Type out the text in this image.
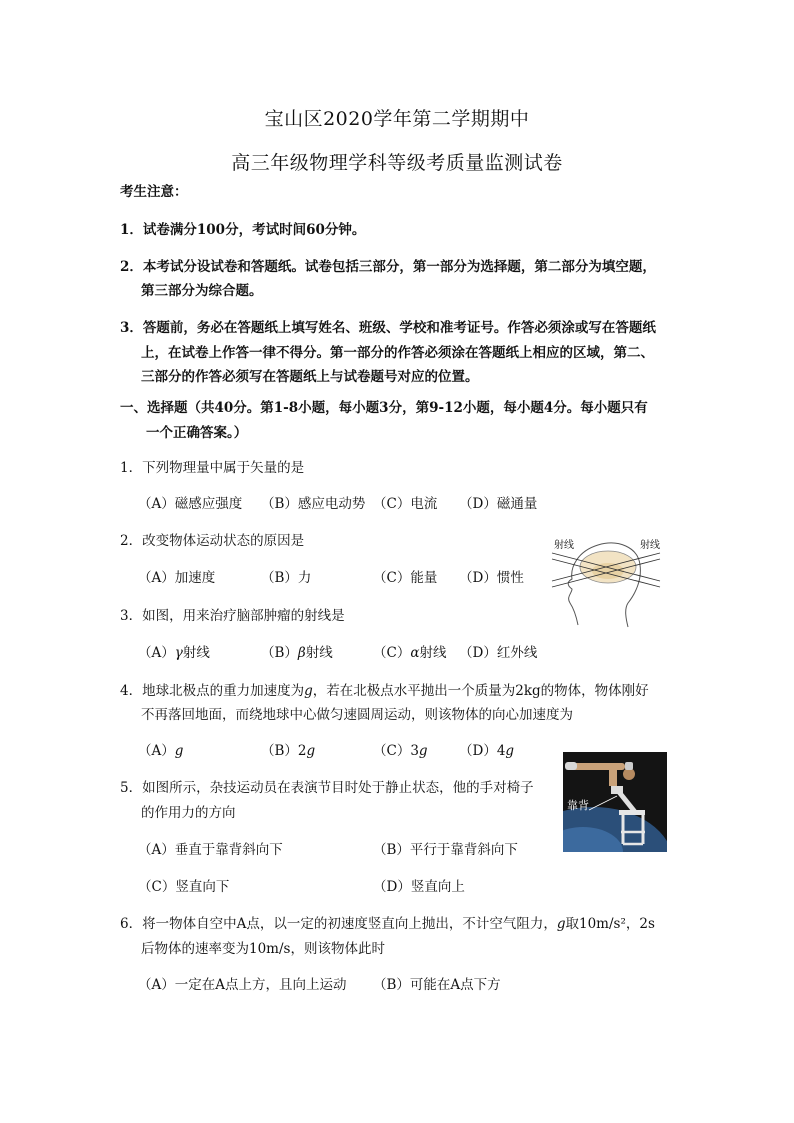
宝山区2020学年第二学期期中
高三年级物理学科等级考质量监测试卷
考生注意：
1．试卷满分100分，考试时间60分钟。
2．本考试分设试卷和答题纸。试卷包括三部分，第一部分为选择题，第二部分为填空题，
第三部分为综合题。
3．答题前，务必在答题纸上填写姓名、班级、学校和准考证号。作答必须涂或写在答题纸
上，在试卷上作答一律不得分。第一部分的作答必须涂在答题纸上相应的区域，第二、
三部分的作答必须写在答题纸上与试卷题号对应的位置。
一、选择题（共40分。第1-8小题，每小题3分，第9-12小题，每小题4分。每小题只有
一个正确答案。）
1．下列物理量中属于矢量的是
（A）磁感应强度 （B）感应电动势 （C）电流 （D）磁通量
2．改变物体运动状态的原因是
（A）加速度	（B）力	（C）能量 （D）惯性
射线	射线
3．如图，用来治疗脑部肿瘤的射线是
（A）γ射线	（B）β射线	（C）α射线 （D）红外线
4．地球北极点的重力加速度为g，若在北极点水平抛出一个质量为2kg的物体，物体刚好
不再落回地面，而绕地球中心做匀速圆周运动，则该物体的向心加速度为
（A）g	（B）2g	（C）3g （D）4g
靠背
5．如图所示，杂技运动员在表演节目时处于静止状态，他的手对椅子
的作用力的方向
（A）垂直于靠背斜向下	（B）平行于靠背斜向下
（C）竖直向下	（D）竖直向上
6．将一物体自空中A点，以一定的初速度竖直向上抛出，不计空气阻力，g取10m/s²，2s
后物体的速率变为10m/s，则该物体此时
（A）一定在A点上方，且向上运动 （B）可能在A点下方
